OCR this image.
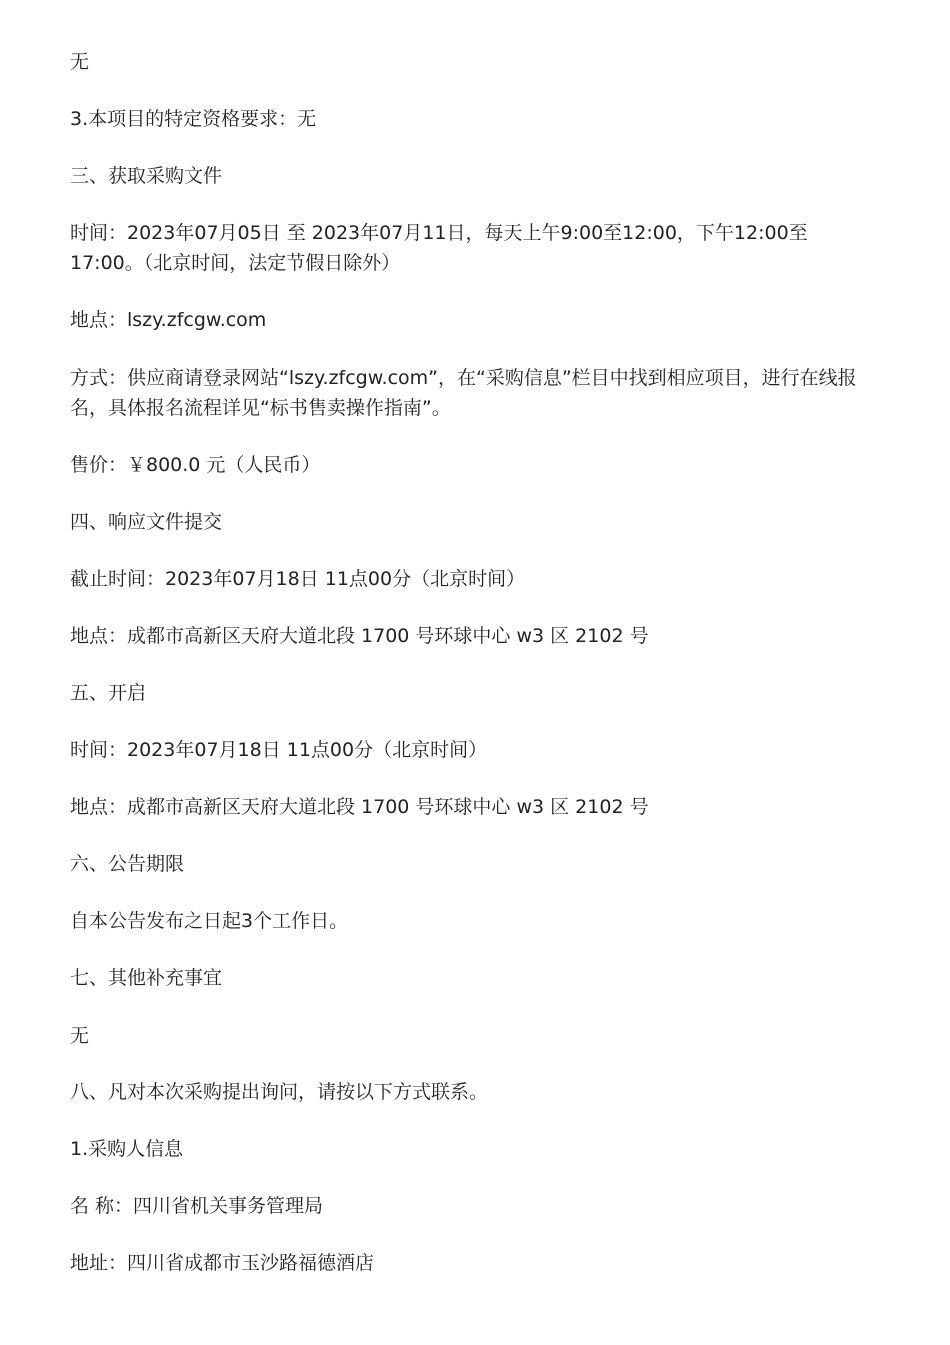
无
3.本项目的特定资格要求：无
三、获取采购文件
时间：2023年07月05日 至 2023年07月11日，每天上午9:00至12:00，下午12:00至17:00。（北京时间，法定节假日除外）
地点：lszy.zfcgw.com
方式：供应商请登录网站“lszy.zfcgw.com”，在“采购信息”栏目中找到相应项目，进行在线报名，具体报名流程详见“标书售卖操作指南”。
售价：￥800.0 元（人民币）
四、响应文件提交
截止时间：2023年07月18日 11点00分（北京时间）
地点：成都市高新区天府大道北段 1700 号环球中心 w3 区 2102 号
五、开启
时间：2023年07月18日 11点00分（北京时间）
地点：成都市高新区天府大道北段 1700 号环球中心 w3 区 2102 号
六、公告期限
自本公告发布之日起3个工作日。
七、其他补充事宜
无
八、凡对本次采购提出询问，请按以下方式联系。
1.采购人信息
名 称：四川省机关事务管理局
地址：四川省成都市玉沙路福德酒店
